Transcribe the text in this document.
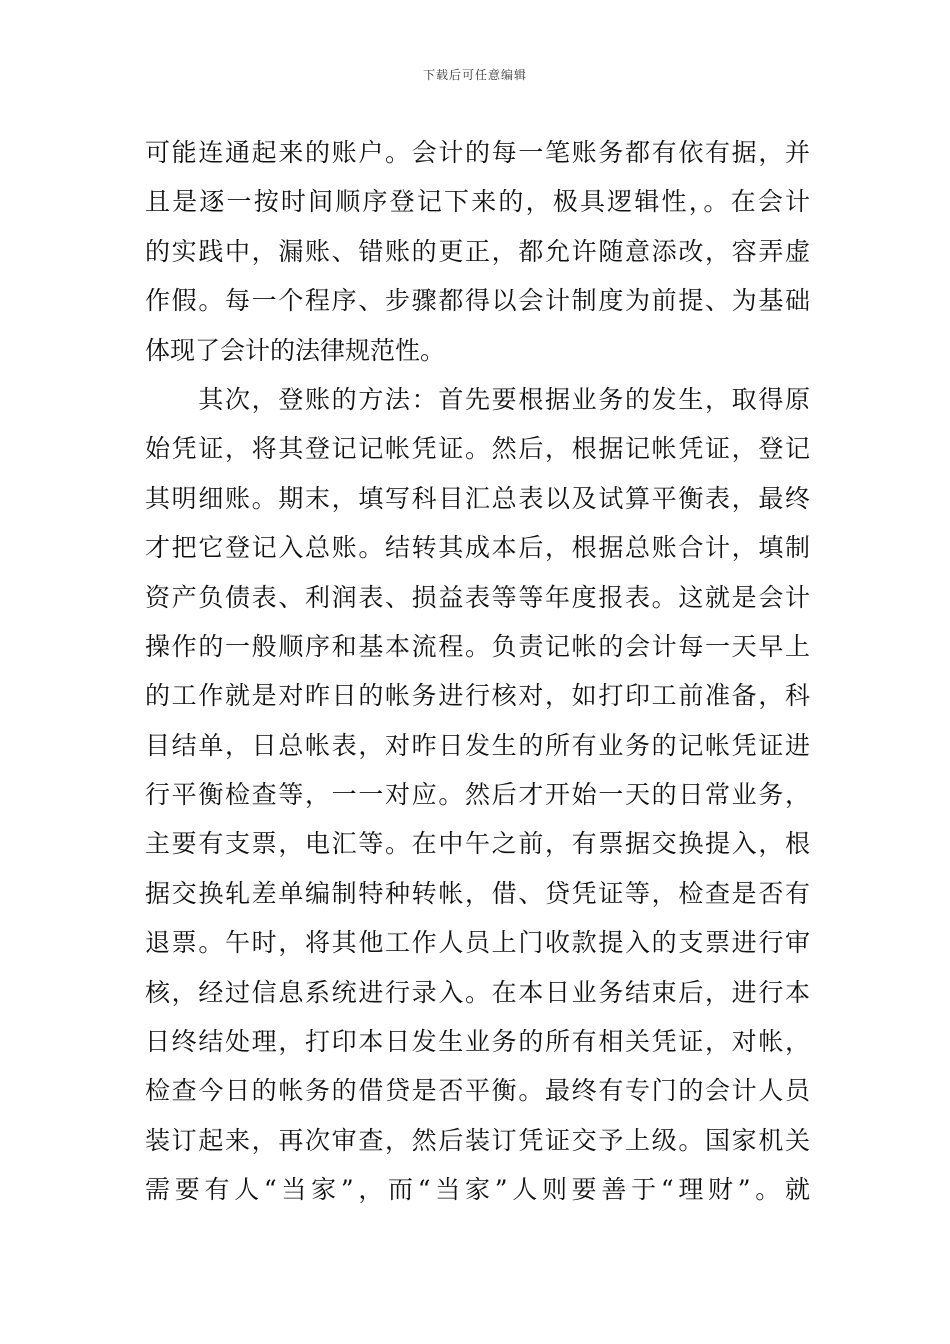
下载后可任意编辑
可能连通起来的账户。会计的每一笔账务都有依有据，并
且是逐一按时间顺序登记下来的，极具逻辑性，。在会计
的实践中，漏账、错账的更正，都允许随意添改，容弄虚
作假。每一个程序、步骤都得以会计制度为前提、为基础
体现了会计的法律规范性。
　　其次，登账的方法：首先要根据业务的发生，取得原
始凭证，将其登记记帐凭证。然后，根据记帐凭证，登记
其明细账。期末，填写科目汇总表以及试算平衡表，最终
才把它登记入总账。结转其成本后，根据总账合计，填制
资产负债表、利润表、损益表等等年度报表。这就是会计
操作的一般顺序和基本流程。负责记帐的会计每一天早上
的工作就是对昨日的帐务进行核对，如打印工前准备，科
目结单，日总帐表，对昨日发生的所有业务的记帐凭证进
行平衡检查等，一一对应。然后才开始一天的日常业务，
主要有支票，电汇等。在中午之前，有票据交换提入，根
据交换轧差单编制特种转帐，借、贷凭证等，检查是否有
退票。午时，将其他工作人员上门收款提入的支票进行审
核，经过信息系统进行录入。在本日业务结束后，进行本
日终结处理，打印本日发生业务的所有相关凭证，对帐，
检查今日的帐务的借贷是否平衡。最终有专门的会计人员
装订起来，再次审查，然后装订凭证交予上级。国家机关
需要有人“当家”，而“当家”人则要善于“理财”。就
